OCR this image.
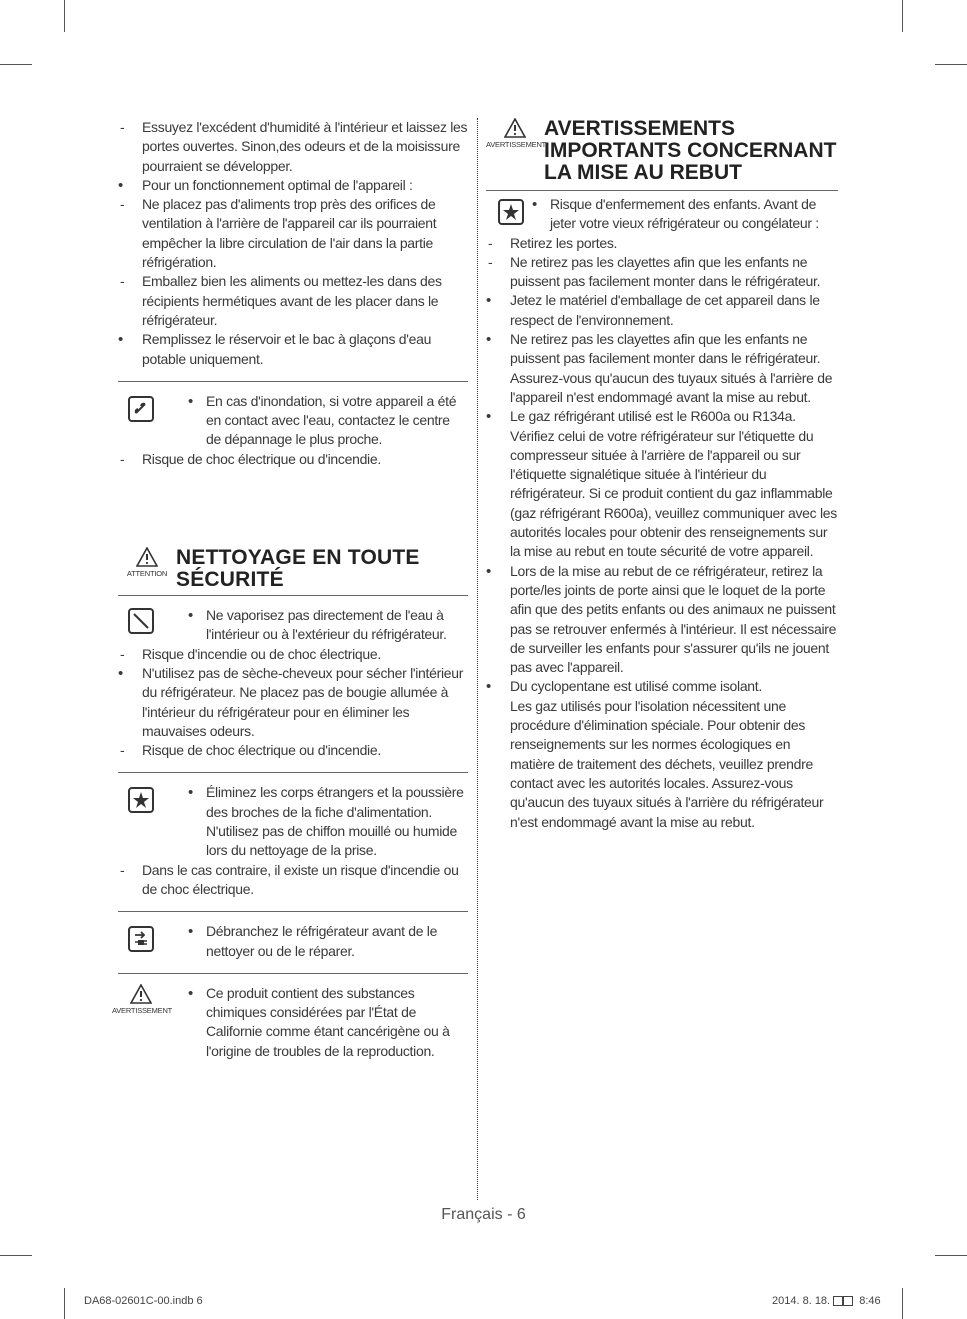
- Essuyez l'excédent d'humidité à l'intérieur et laissez les portes ouvertes. Sinon,des odeurs et de la moisissure pourraient se développer.
• Pour un fonctionnement optimal de l'appareil :
- Ne placez pas d'aliments trop près des orifices de ventilation à l'arrière de l'appareil car ils pourraient empêcher la libre circulation de l'air dans la partie réfrigération.
- Emballez bien les aliments ou mettez-les dans des récipients hermétiques avant de les placer dans le réfrigérateur.
• Remplissez le réservoir et le bac à glaçons d'eau potable uniquement.
• En cas d'inondation, si votre appareil a été en contact avec l'eau, contactez le centre de dépannage le plus proche.
- Risque de choc électrique ou d'incendie.
ATTENTION
NETTOYAGE EN TOUTE
SÉCURITÉ
• Ne vaporisez pas directement de l'eau à l'intérieur ou à l'extérieur du réfrigérateur.
- Risque d'incendie ou de choc électrique.
• N'utilisez pas de sèche-cheveux pour sécher l'intérieur du réfrigérateur. Ne placez pas de bougie allumée à l'intérieur du réfrigérateur pour en éliminer les mauvaises odeurs.
- Risque de choc électrique ou d'incendie.
• Éliminez les corps étrangers et la poussière des broches de la fiche d'alimentation. N'utilisez pas de chiffon mouillé ou humide lors du nettoyage de la prise.
- Dans le cas contraire, il existe un risque d'incendie ou de choc électrique.
• Débranchez le réfrigérateur avant de le nettoyer ou de le réparer.
AVERTISSEMENT
• Ce produit contient des substances chimiques considérées par l'État de Californie comme étant cancérigène ou à l'origine de troubles de la reproduction.
AVERTISSEMENT
AVERTISSEMENTS
IMPORTANTS CONCERNANT
LA MISE AU REBUT
• Risque d'enfermement des enfants. Avant de jeter votre vieux réfrigérateur ou congélateur :
- Retirez les portes.
- Ne retirez pas les clayettes afin que les enfants ne puissent pas facilement monter dans le réfrigérateur.
• Jetez le matériel d'emballage de cet appareil dans le respect de l'environnement.
• Ne retirez pas les clayettes afin que les enfants ne puissent pas facilement monter dans le réfrigérateur.
Assurez-vous qu'aucun des tuyaux situés à l'arrière de l'appareil n'est endommagé avant la mise au rebut.
• Le gaz réfrigérant utilisé est le R600a ou R134a.
Vérifiez celui de votre réfrigérateur sur l'étiquette du compresseur située à l'arrière de l'appareil ou sur l'étiquette signalétique située à l'intérieur du réfrigérateur. Si ce produit contient du gaz inflammable (gaz réfrigérant R600a), veuillez communiquer avec les autorités locales pour obtenir des renseignements sur la mise au rebut en toute sécurité de votre appareil.
• Lors de la mise au rebut de ce réfrigérateur, retirez la porte/les joints de porte ainsi que le loquet de la porte afin que des petits enfants ou des animaux ne puissent pas se retrouver enfermés à l'intérieur. Il est nécessaire de surveiller les enfants pour s'assurer qu'ils ne jouent pas avec l'appareil.
• Du cyclopentane est utilisé comme isolant.
Les gaz utilisés pour l'isolation nécessitent une procédure d'élimination spéciale. Pour obtenir des renseignements sur les normes écologiques en matière de traitement des déchets, veuillez prendre contact avec les autorités locales. Assurez-vous qu'aucun des tuyaux situés à l'arrière du réfrigérateur n'est endommagé avant la mise au rebut.
Français - 6
DA68-02601C-00.indb 6	2014. 8. 18.  8:46
